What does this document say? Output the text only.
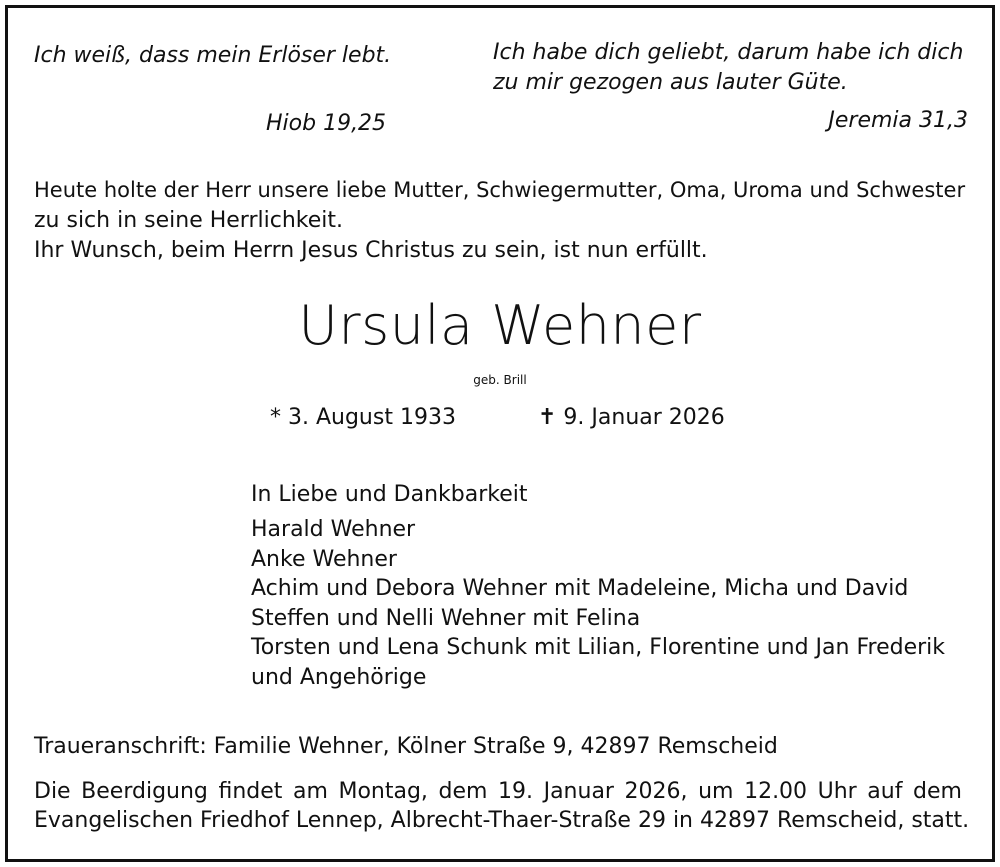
Ich weiß, dass mein Erlöser lebt.

Hiob 19,25

Ich habe dich geliebt, darum habe ich dich

zu mir gezogen aus lauter Güte.

Jeremia 31,3

Heute holte der Herr unsere liebe Mutter, Schwiegermutter, Oma, Uroma und Schwester

zu sich in seine Herrlichkeit.

Ihr Wunsch, beim Herrn Jesus Christus zu sein, ist nun erfüllt.

Ursula Wehner

geb. Brill

* 3. August 1933	✝ 9. Januar 2026

In Liebe und Dankbarkeit

Harald Wehner

Anke Wehner

Achim und Debora Wehner mit Madeleine, Micha und David

Steffen und Nelli Wehner mit Felina

Torsten und Lena Schunk mit Lilian, Florentine und Jan Frederik

und Angehörige

Traueranschrift: Familie Wehner, Kölner Straße 9, 42897 Remscheid

Die Beerdigung findet am Montag, dem 19. Januar 2026, um 12.00 Uhr auf dem

Evangelischen Friedhof Lennep, Albrecht-Thaer-Straße 29 in 42897 Remscheid, statt.
